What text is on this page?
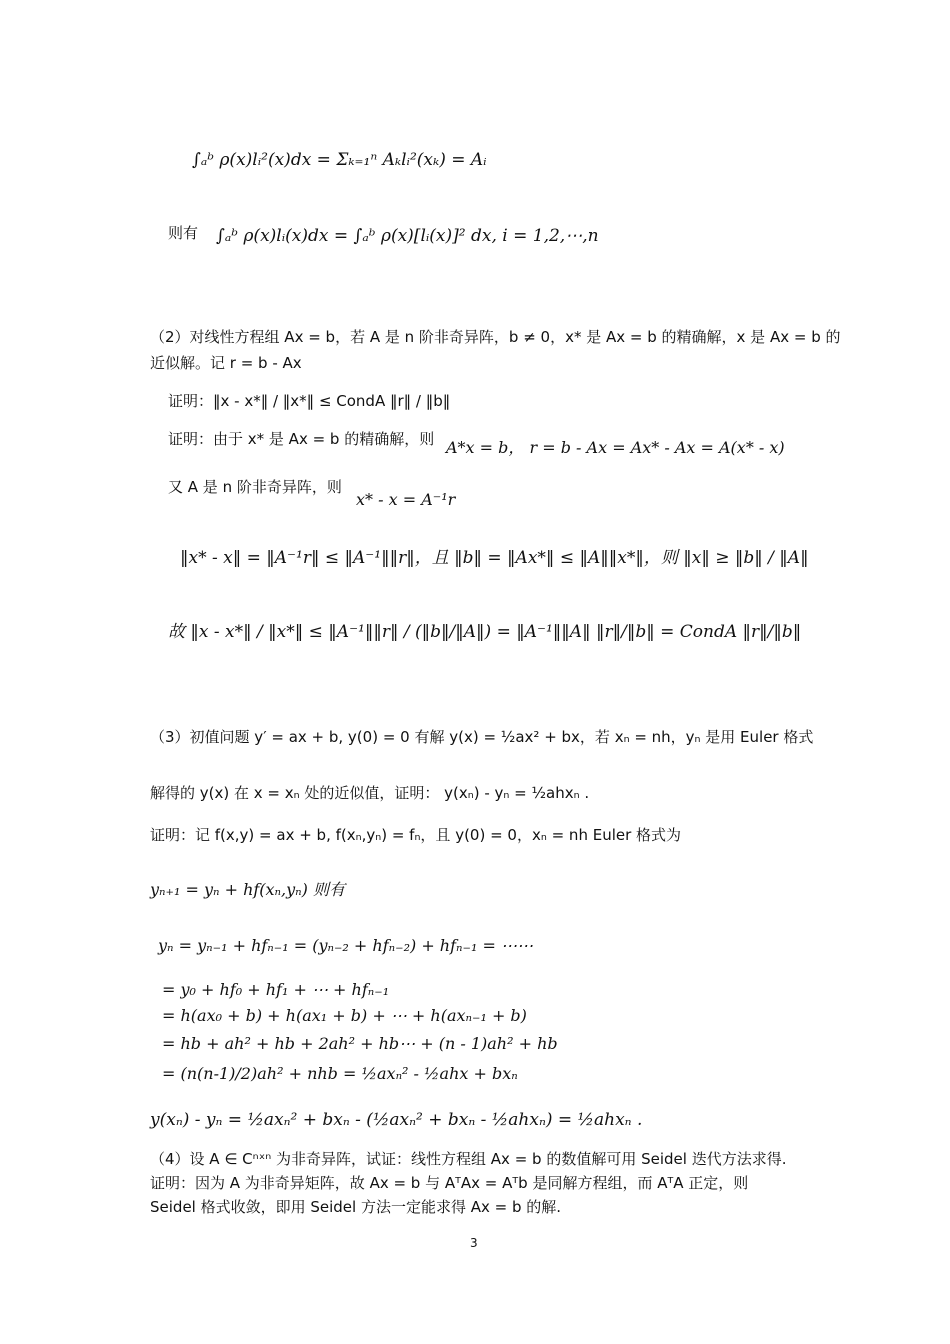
∫ₐᵇ ρ(x)lᵢ²(x)dx = Σₖ₌₁ⁿ Aₖlᵢ²(xₖ) = Aᵢ
则有 ∫ₐᵇ ρ(x)lᵢ(x)dx = ∫ₐᵇ ρ(x)[lᵢ(x)]² dx, i = 1,2,⋯,n
（2）对线性方程组 Ax = b，若 A 是 n 阶非奇异阵，b ≠ 0，x* 是 Ax = b 的精确解，x 是 Ax = b 的
近似解。记 r = b - Ax
证明：‖x - x*‖ / ‖x*‖ ≤ CondA ‖r‖ / ‖b‖
证明：由于 x* 是 Ax = b 的精确解，则 A*x = b， r = b - Ax = Ax* - Ax = A(x* - x)
又 A 是 n 阶非奇异阵，则
x* - x = A⁻¹r
‖x* - x‖ = ‖A⁻¹r‖ ≤ ‖A⁻¹‖‖r‖，且 ‖b‖ = ‖Ax*‖ ≤ ‖A‖‖x*‖，则 ‖x‖ ≥ ‖b‖ / ‖A‖
故 ‖x - x*‖ / ‖x*‖ ≤ ‖A⁻¹‖‖r‖ / (‖b‖/‖A‖) = ‖A⁻¹‖‖A‖ ‖r‖/‖b‖ = CondA ‖r‖/‖b‖
（3）初值问题 y′ = ax + b, y(0) = 0 有解 y(x) = ½ax² + bx，若 xₙ = nh，yₙ 是用 Euler 格式
解得的 y(x) 在 x = xₙ 处的近似值，证明： y(xₙ) - yₙ = ½ahxₙ .
证明：记 f(x,y) = ax + b, f(xₙ,yₙ) = fₙ，且 y(0) = 0，xₙ = nh Euler 格式为
yₙ₊₁ = yₙ + hf(xₙ,yₙ) 则有
yₙ = yₙ₋₁ + hfₙ₋₁ = (yₙ₋₂ + hfₙ₋₂) + hfₙ₋₁ = ⋯⋯
= y₀ + hf₀ + hf₁ + ⋯ + hfₙ₋₁
= h(ax₀ + b) + h(ax₁ + b) + ⋯ + h(axₙ₋₁ + b)
= hb + ah² + hb + 2ah² + hb⋯ + (n - 1)ah² + hb
= (n(n-1)/2)ah² + nhb = ½axₙ² - ½ahx + bxₙ
y(xₙ) - yₙ = ½axₙ² + bxₙ - (½axₙ² + bxₙ - ½ahxₙ) = ½ahxₙ .
（4）设 A ∈ Cⁿˣⁿ 为非奇异阵，试证：线性方程组 Ax = b 的数值解可用 Seidel 迭代方法求得.
证明：因为 A 为非奇异矩阵，故 Ax = b 与 AᵀAx = Aᵀb 是同解方程组，而 AᵀA 正定，则
Seidel 格式收敛，即用 Seidel 方法一定能求得 Ax = b 的解.
3
